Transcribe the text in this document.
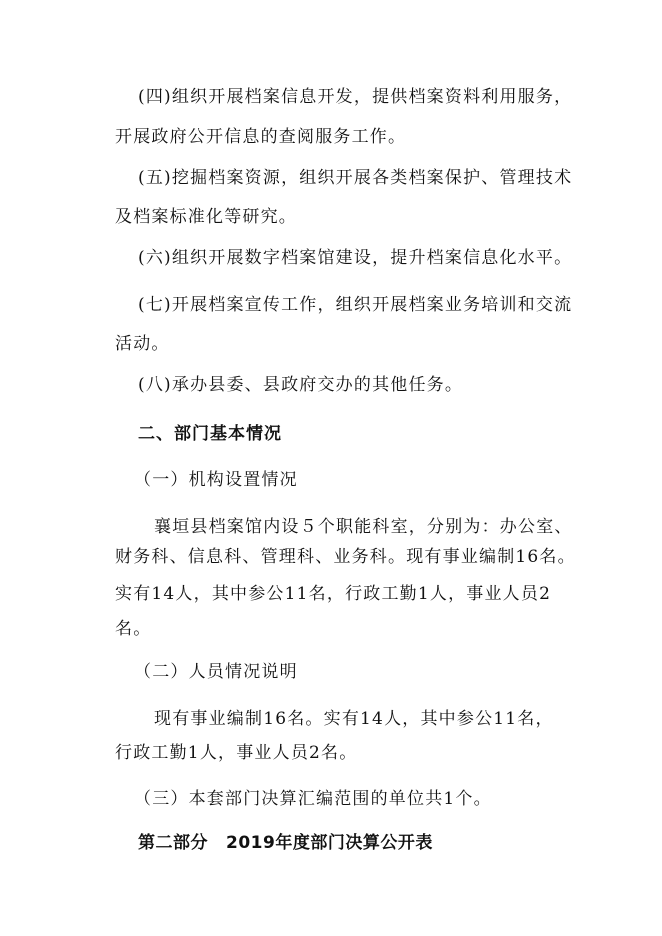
(四)组织开展档案信息开发，提供档案资料利用服务，
开展政府公开信息的查阅服务工作。
(五)挖掘档案资源，组织开展各类档案保护、管理技术
及档案标准化等研究。
(六)组织开展数字档案馆建设，提升档案信息化水平。
(七)开展档案宣传工作，组织开展档案业务培训和交流
活动。
(八)承办县委、县政府交办的其他任务。
二、部门基本情况
（一）机构设置情况
襄垣县档案馆内设５个职能科室，分别为：办公室、
财务科、信息科、管理科、业务科。现有事业编制16名。
实有14人，其中参公11名，行政工勤1人，事业人员2
名。
（二）人员情况说明
现有事业编制16名。实有14人，其中参公11名，
行政工勤1人，事业人员2名。
（三）本套部门决算汇编范围的单位共1个。
第二部分 2019年度部门决算公开表
